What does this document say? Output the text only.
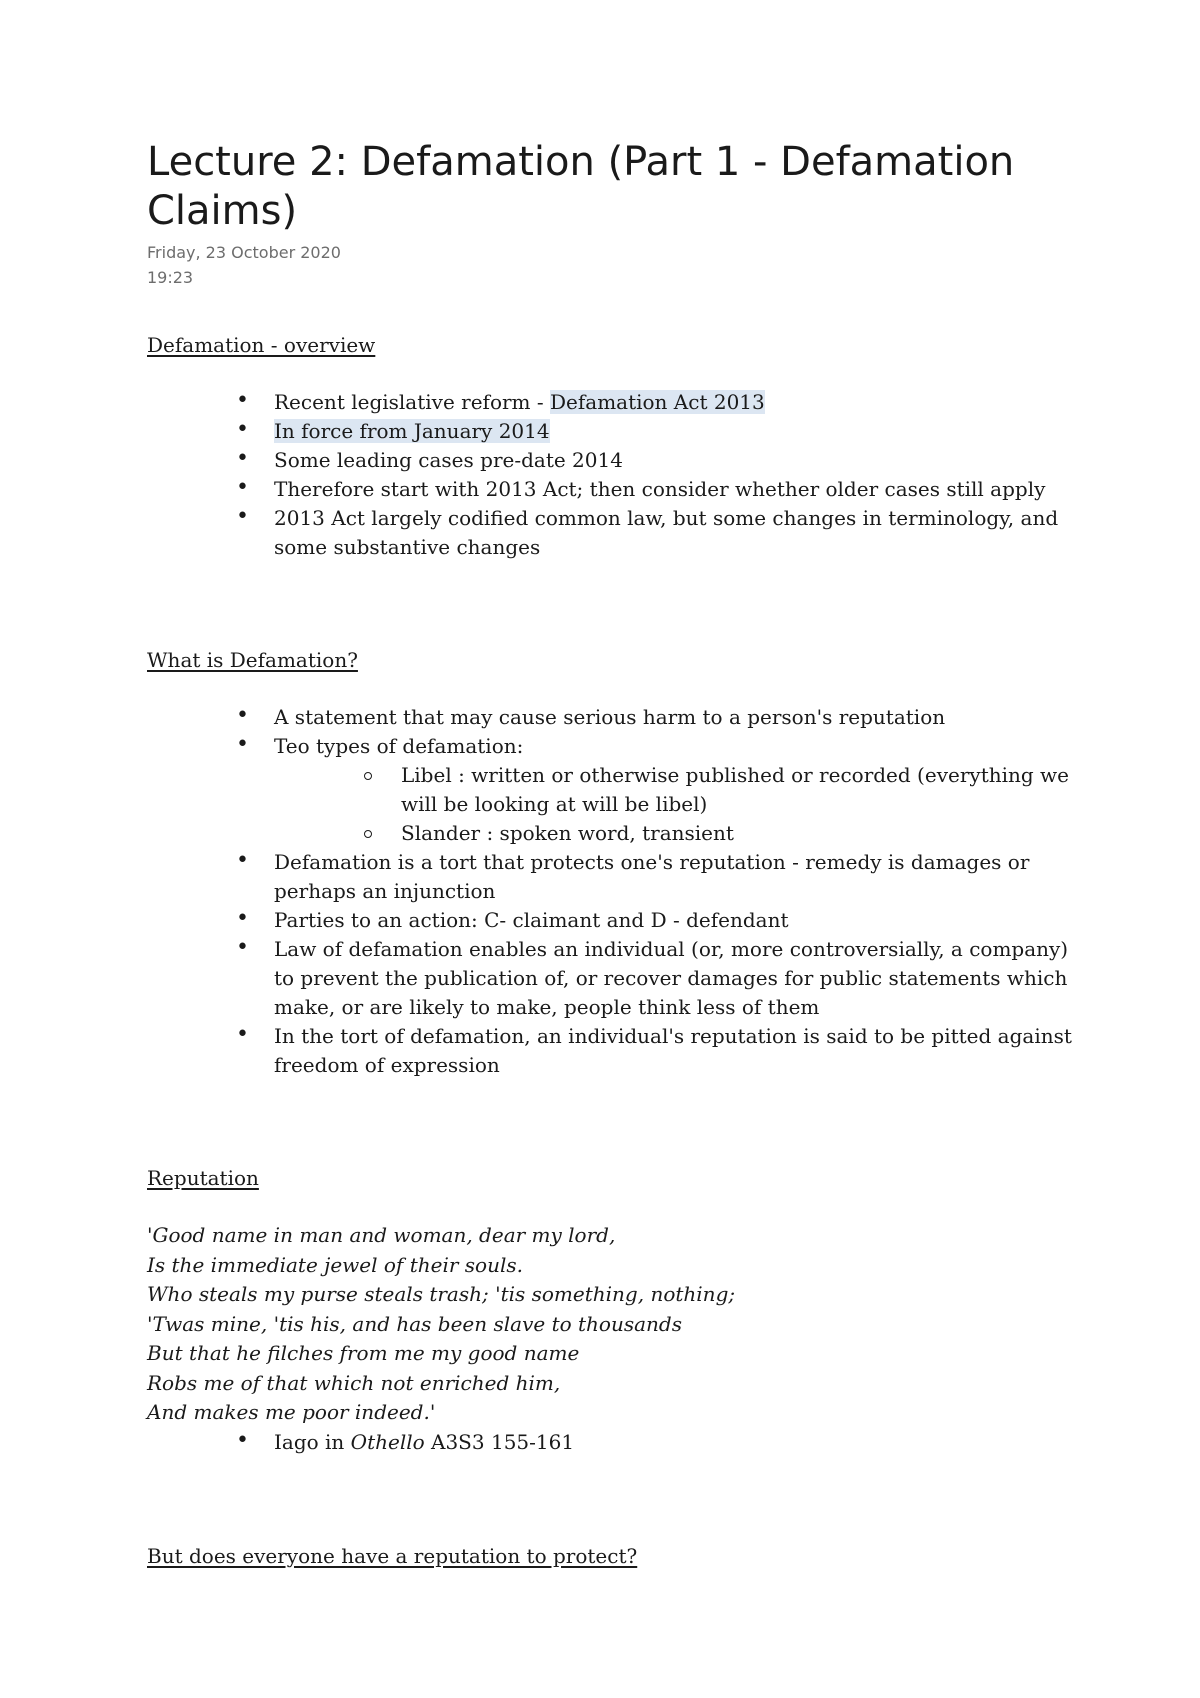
Lecture 2: Defamation (Part 1 - Defamation Claims)
Friday, 23 October 2020
19:23

Defamation - overview

• Recent legislative reform - Defamation Act 2013
• In force from January 2014
• Some leading cases pre-date 2014
• Therefore start with 2013 Act; then consider whether older cases still apply
• 2013 Act largely codified common law, but some changes in terminology, and some substantive changes

What is Defamation?

• A statement that may cause serious harm to a person's reputation
• Teo types of defamation:
Libel : written or otherwise published or recorded (everything we will be looking at will be libel)
Slander : spoken word, transient
• Defamation is a tort that protects one's reputation - remedy is damages or perhaps an injunction
• Parties to an action: C- claimant and D - defendant
• Law of defamation enables an individual (or, more controversially, a company) to prevent the publication of, or recover damages for public statements which make, or are likely to make, people think less of them
• In the tort of defamation, an individual's reputation is said to be pitted against freedom of expression

Reputation

'Good name in man and woman, dear my lord,

Is the immediate jewel of their souls.

Who steals my purse steals trash; 'tis something, nothing;

'Twas mine, 'tis his, and has been slave to thousands

But that he filches from me my good name

Robs me of that which not enriched him,

And makes me poor indeed.'

• Iago in Othello A3S3 155-161

But does everyone have a reputation to protect?
